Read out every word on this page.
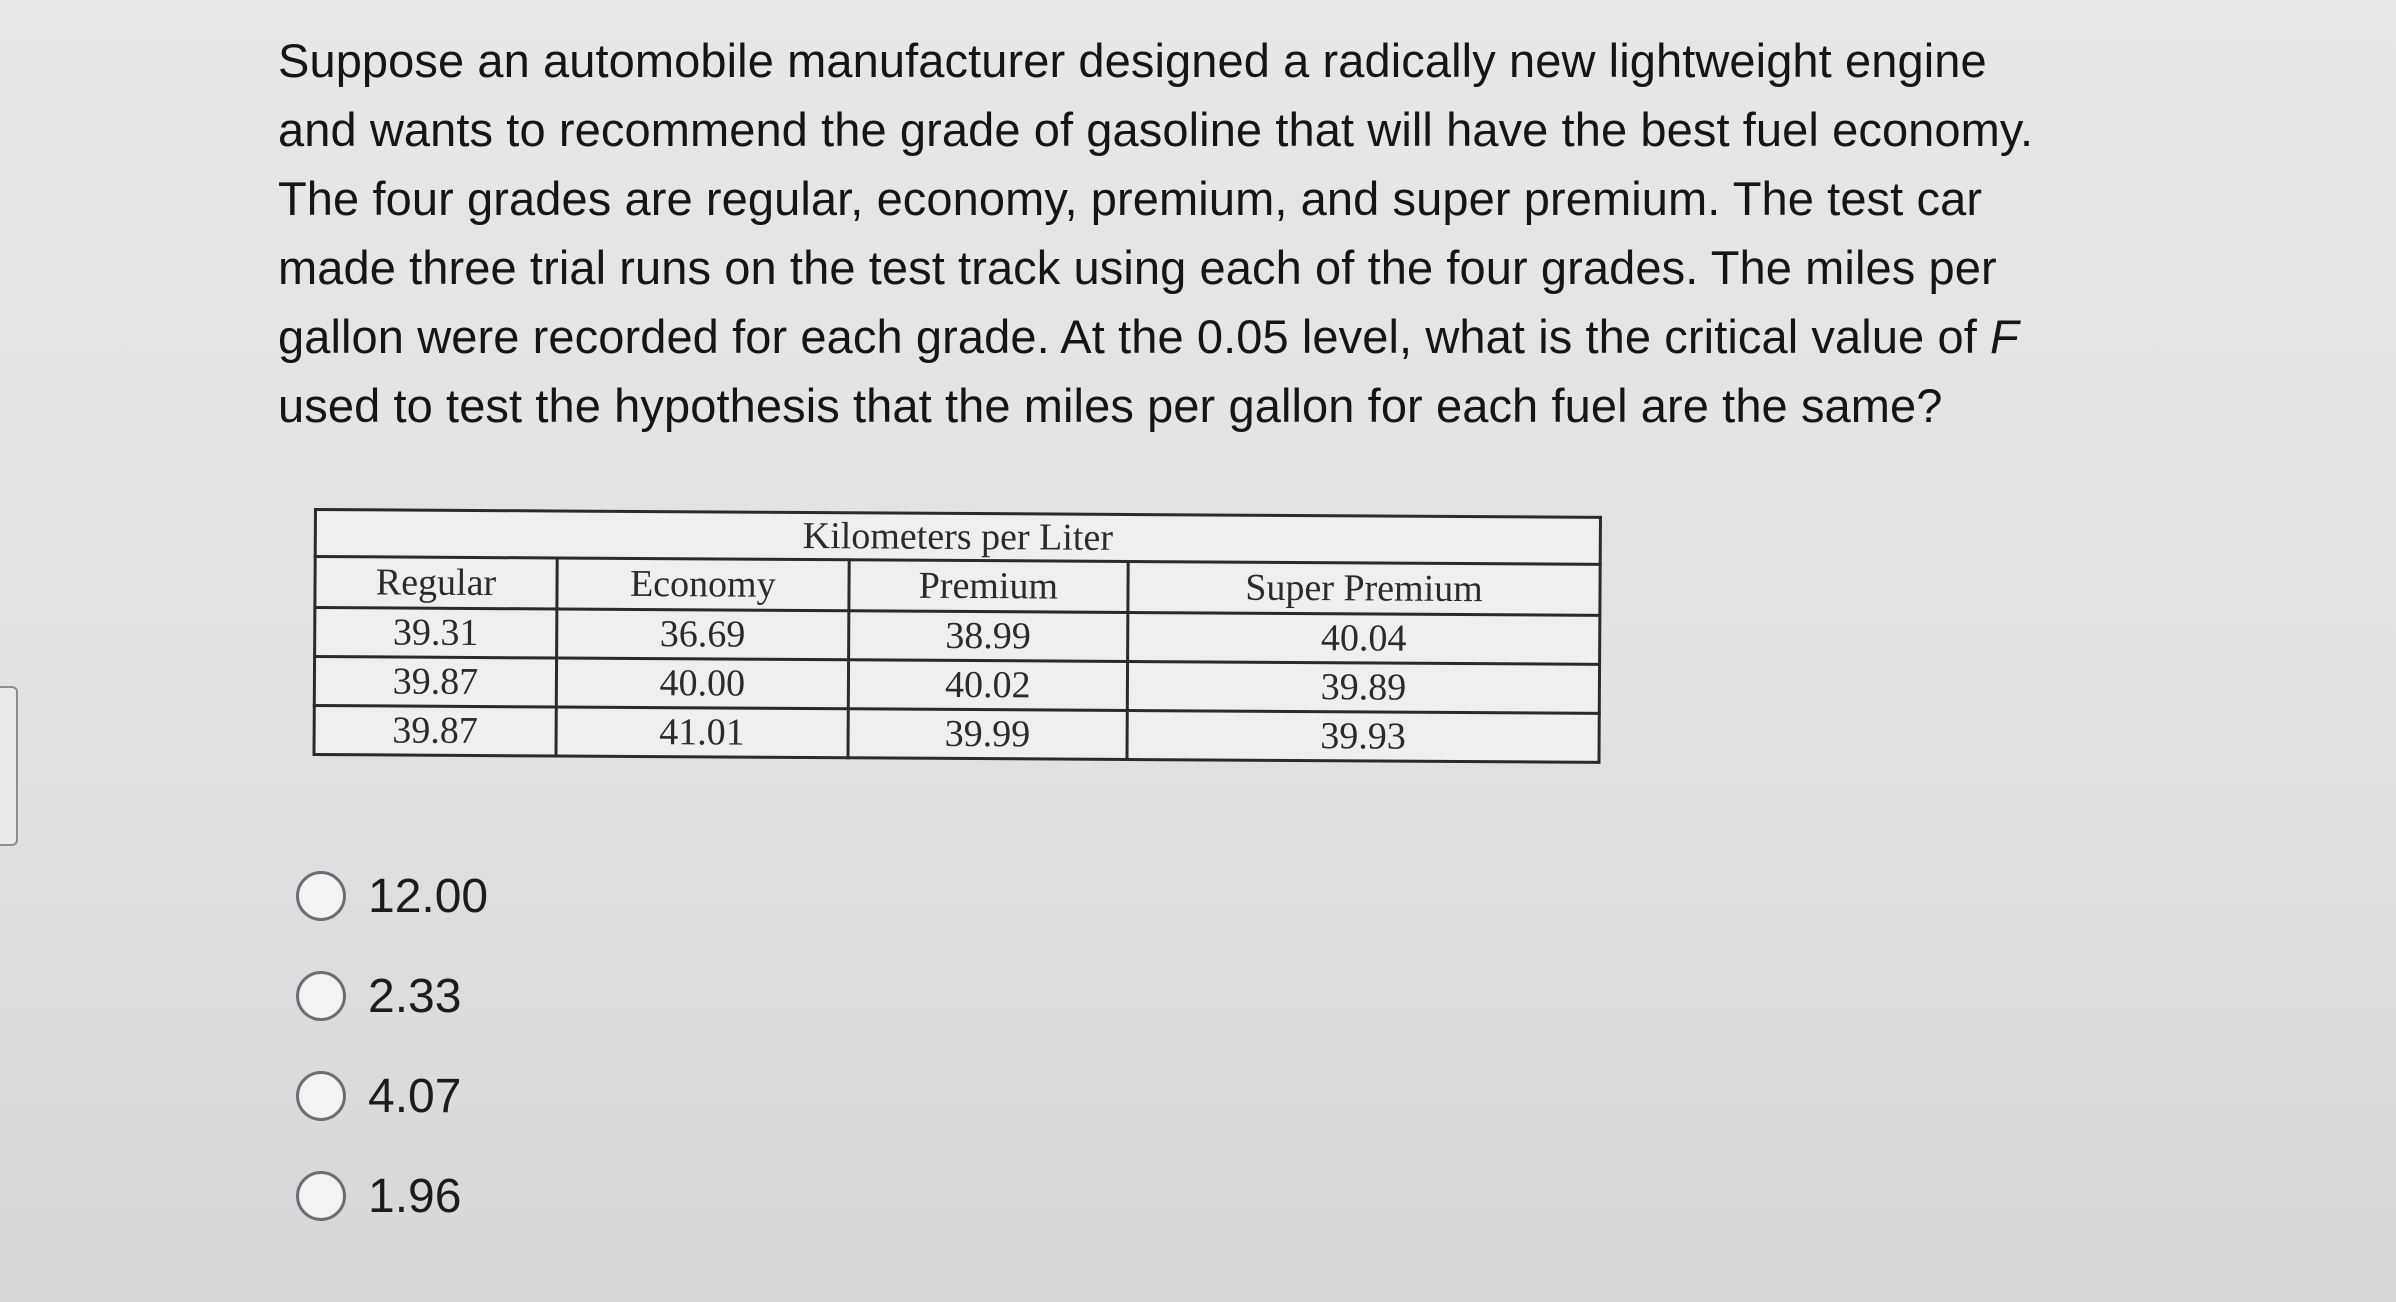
Suppose an automobile manufacturer designed a radically new lightweight engine
and wants to recommend the grade of gasoline that will have the best fuel economy.
The four grades are regular, economy, premium, and super premium. The test car
made three trial runs on the test track using each of the four grades. The miles per
gallon were recorded for each grade. At the 0.05 level, what is the critical value of F
used to test the hypothesis that the miles per gallon for each fuel are the same?
Kilometers per Liter			
Regular	Economy	Premium	Super Premium
39.31	36.69	38.99	40.04
39.87	40.00	40.02	39.89
39.87	41.01	39.99	39.93
12.00
2.33
4.07
1.96
